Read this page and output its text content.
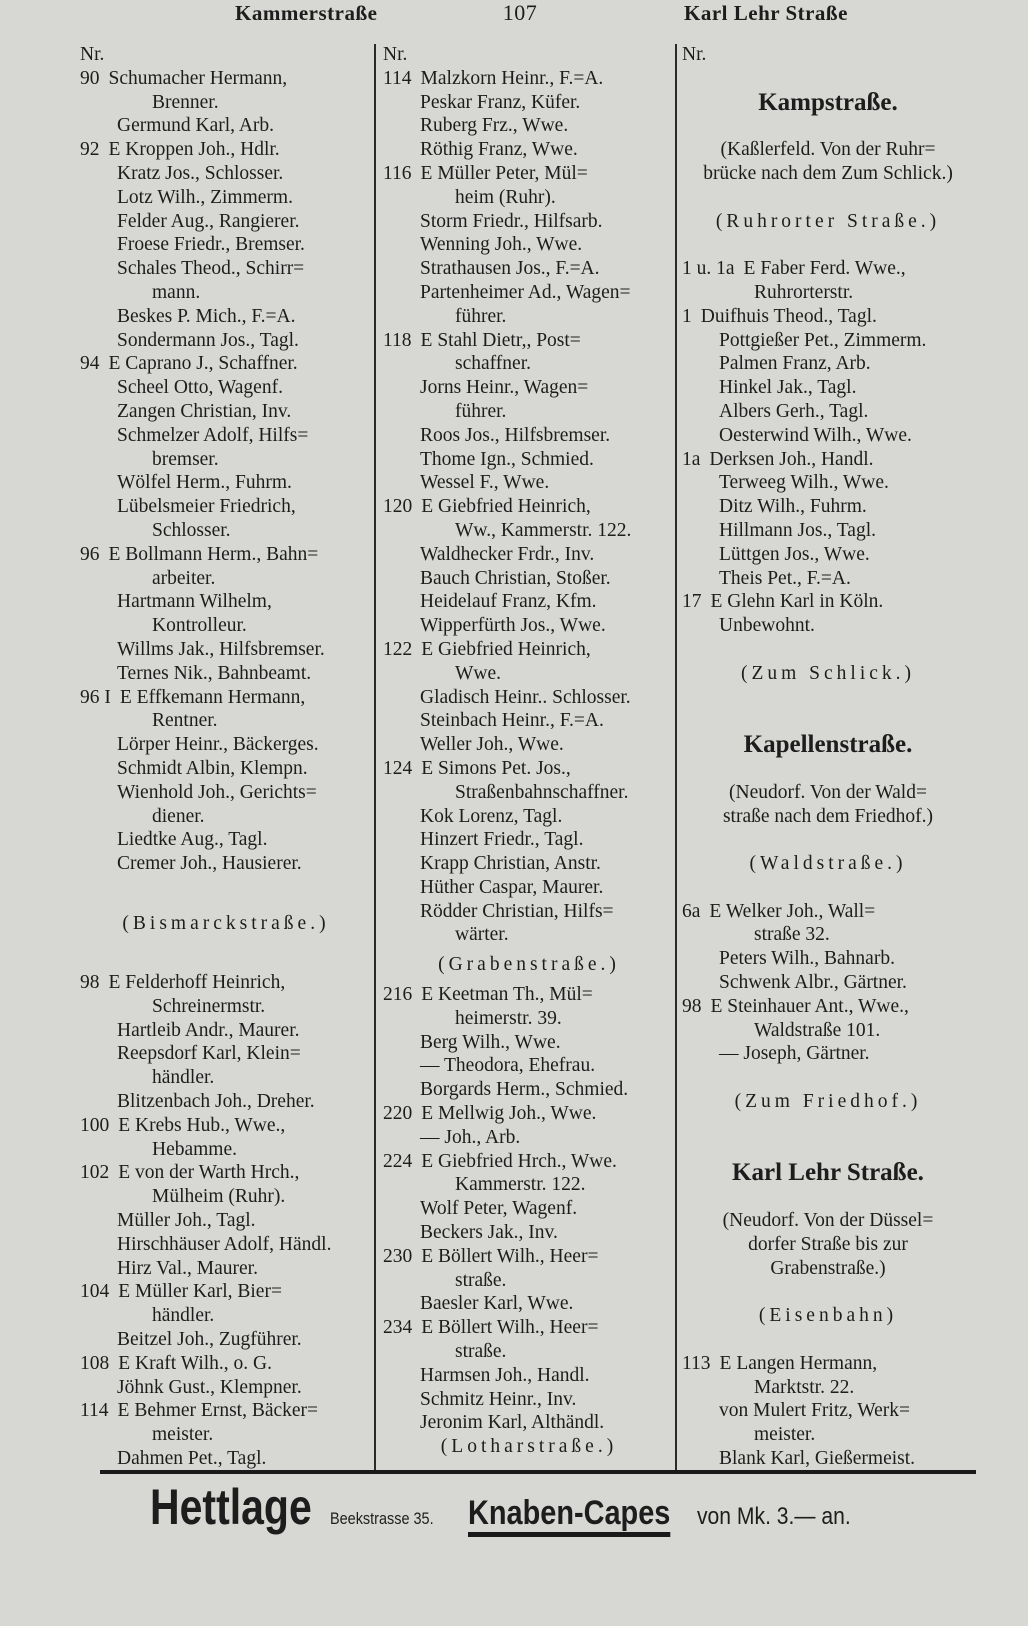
Kammerstraße	107	Karl Lehr Straße
Nr.
90 Schumacher Hermann,
Brenner.
Germund Karl, Arb.
92 E Kroppen Joh., Hdlr.
Kratz Jos., Schlosser.
Lotz Wilh., Zimmerm.
Felder Aug., Rangierer.
Froese Friedr., Bremser.
Schales Theod., Schirr=
mann.
Beskes P. Mich., F.=A.
Sondermann Jos., Tagl.
94 E Caprano J., Schaffner.
Scheel Otto, Wagenf.
Zangen Christian, Inv.
Schmelzer Adolf, Hilfs=
bremser.
Wölfel Herm., Fuhrm.
Lübelsmeier Friedrich,
Schlosser.
96 E Bollmann Herm., Bahn=
arbeiter.
Hartmann Wilhelm,
Kontrolleur.
Willms Jak., Hilfsbremser.
Ternes Nik., Bahnbeamt.
96 I E Effkemann Hermann,
Rentner.
Lörper Heinr., Bäckerges.
Schmidt Albin, Klempn.
Wienhold Joh., Gerichts=
diener.
Liedtke Aug., Tagl.
Cremer Joh., Hausierer.
(Bismarckstraße.)
98 E Felderhoff Heinrich,
Schreinermstr.
Hartleib Andr., Maurer.
Reepsdorf Karl, Klein=
händler.
Blitzenbach Joh., Dreher.
100 E Krebs Hub., Wwe.,
Hebamme.
102 E von der Warth Hrch.,
Mülheim (Ruhr).
Müller Joh., Tagl.
Hirschhäuser Adolf, Händl.
Hirz Val., Maurer.
104 E Müller Karl, Bier=
händler.
Beitzel Joh., Zugführer.
108 E Kraft Wilh., o. G.
Jöhnk Gust., Klempner.
114 E Behmer Ernst, Bäcker=
meister.
Dahmen Pet., Tagl.
Nr.
114 Malzkorn Heinr., F.=A.
Peskar Franz, Küfer.
Ruberg Frz., Wwe.
Röthig Franz, Wwe.
116 E Müller Peter, Mül=
heim (Ruhr).
Storm Friedr., Hilfsarb.
Wenning Joh., Wwe.
Strathausen Jos., F.=A.
Partenheimer Ad., Wagen=
führer.
118 E Stahl Dietr,, Post=
schaffner.
Jorns Heinr., Wagen=
führer.
Roos Jos., Hilfsbremser.
Thome Ign., Schmied.
Wessel F., Wwe.
120 E Giebfried Heinrich,
Ww., Kammerstr. 122.
Waldhecker Frdr., Inv.
Bauch Christian, Stoßer.
Heidelauf Franz, Kfm.
Wipperfürth Jos., Wwe.
122 E Giebfried Heinrich,
Wwe.
Gladisch Heinr.. Schlosser.
Steinbach Heinr., F.=A.
Weller Joh., Wwe.
124 E Simons Pet. Jos.,
Straßenbahnschaffner.
Kok Lorenz, Tagl.
Hinzert Friedr., Tagl.
Krapp Christian, Anstr.
Hüther Caspar, Maurer.
Rödder Christian, Hilfs=
wärter.
(Grabenstraße.)
216 E Keetman Th., Mül=
heimerstr. 39.
Berg Wilh., Wwe.
— Theodora, Ehefrau.
Borgards Herm., Schmied.
220 E Mellwig Joh., Wwe.
— Joh., Arb.
224 E Giebfried Hrch., Wwe.
Kammerstr. 122.
Wolf Peter, Wagenf.
Beckers Jak., Inv.
230 E Böllert Wilh., Heer=
straße.
Baesler Karl, Wwe.
234 E Böllert Wilh., Heer=
straße.
Harmsen Joh., Handl.
Schmitz Heinr., Inv.
Jeronim Karl, Althändl.
(Lotharstraße.)
Nr.
Kampstraße.
(Kaßlerfeld. Von der Ruhr=
brücke nach dem Zum Schlick.)
(Ruhrorter Straße.)
1 u. 1a E Faber Ferd. Wwe.,
Ruhrorterstr.
1 Duifhuis Theod., Tagl.
Pottgießer Pet., Zimmerm.
Palmen Franz, Arb.
Hinkel Jak., Tagl.
Albers Gerh., Tagl.
Oesterwind Wilh., Wwe.
1a Derksen Joh., Handl.
Terweeg Wilh., Wwe.
Ditz Wilh., Fuhrm.
Hillmann Jos., Tagl.
Lüttgen Jos., Wwe.
Theis Pet., F.=A.
17 E Glehn Karl in Köln.
Unbewohnt.
(Zum Schlick.)
Kapellenstraße.
(Neudorf. Von der Wald=
straße nach dem Friedhof.)
(Waldstraße.)
6a E Welker Joh., Wall=
straße 32.
Peters Wilh., Bahnarb.
Schwenk Albr., Gärtner.
98 E Steinhauer Ant., Wwe.,
Waldstraße 101.
— Joseph, Gärtner.
(Zum Friedhof.)
Karl Lehr Straße.
(Neudorf. Von der Düssel=
dorfer Straße bis zur
Grabenstraße.)
(Eisenbahn)
113 E Langen Hermann,
Marktstr. 22.
von Mulert Fritz, Werk=
meister.
Blank Karl, Gießermeist.
Hettlage Beekstrasse 35. Knaben-Capes von Mk. 3.— an.
